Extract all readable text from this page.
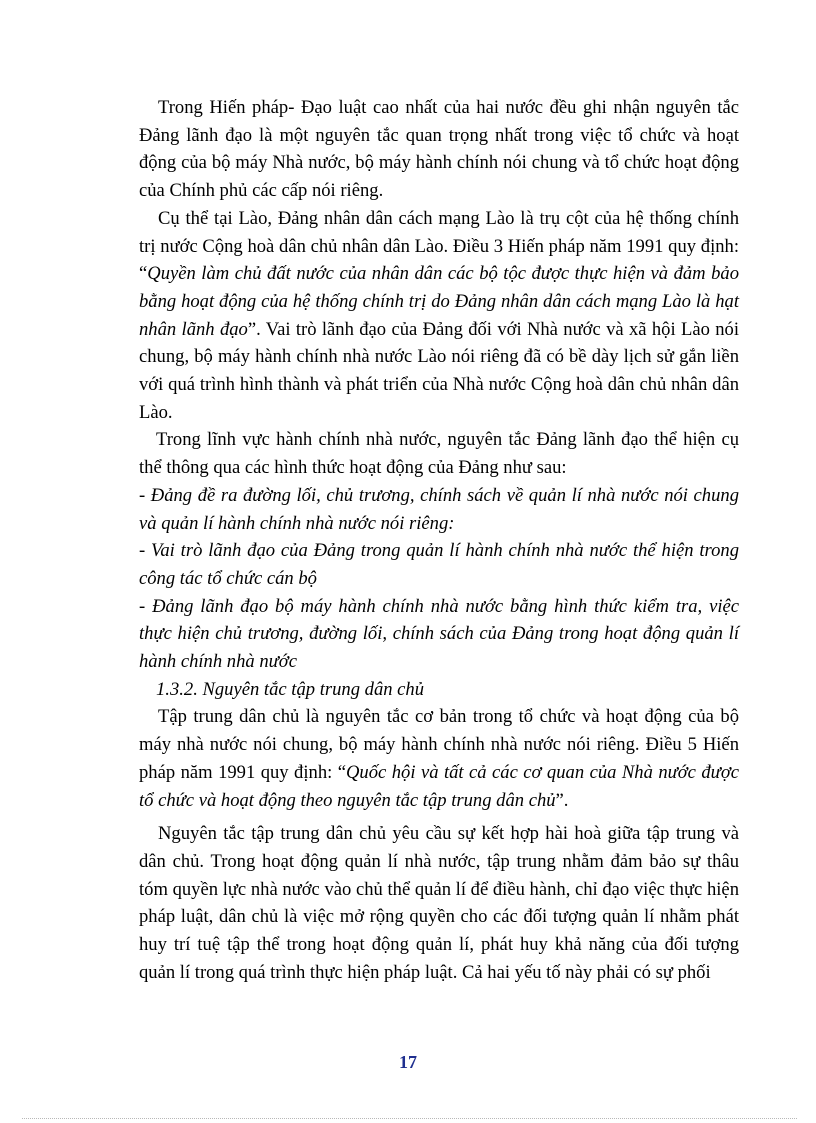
Trong Hiến pháp- Đạo luật cao nhất của hai nước đều ghi nhận nguyên tắc Đảng lãnh đạo là một nguyên tắc quan trọng nhất trong việc tổ chức và hoạt động của bộ máy Nhà nước, bộ máy hành chính nói chung và tổ chức hoạt động của Chính phủ các cấp nói riêng.

Cụ thể tại Lào, Đảng nhân dân cách mạng Lào là trụ cột của hệ thống chính trị nước Cộng hoà dân chủ nhân dân Lào. Điều 3 Hiến pháp năm 1991 quy định: “Quyền làm chủ đất nước của nhân dân các bộ tộc được thực hiện và đảm bảo bằng hoạt động của hệ thống chính trị do Đảng nhân dân cách mạng Lào là hạt nhân lãnh đạo”. Vai trò lãnh đạo của Đảng đối với Nhà nước và xã hội Lào nói chung, bộ máy hành chính nhà nước Lào nói riêng đã có bề dày lịch sử gắn liền với quá trình hình thành và phát triển của Nhà nước Cộng hoà dân chủ nhân dân Lào.

Trong lĩnh vực hành chính nhà nước, nguyên tắc Đảng lãnh đạo thể hiện cụ thể thông qua các hình thức hoạt động của Đảng như sau:

- Đảng đề ra đường lối, chủ trương, chính sách về quản lí nhà nước nói chung và quản lí hành chính nhà nước nói riêng:

- Vai trò lãnh đạo của Đảng trong quản lí hành chính nhà nước thể hiện trong công tác tổ chức cán bộ

- Đảng lãnh đạo bộ máy hành chính nhà nước bằng hình thức kiểm tra, việc thực hiện chủ trương, đường lối, chính sách của Đảng trong hoạt động quản lí hành chính nhà nước

1.3.2. Nguyên tắc tập trung dân chủ

Tập trung dân chủ là nguyên tắc cơ bản trong tổ chức và hoạt động của bộ máy nhà nước nói chung, bộ máy hành chính nhà nước nói riêng. Điều 5 Hiến pháp năm 1991 quy định: “Quốc hội và tất cả các cơ quan của Nhà nước được tổ chức và hoạt động theo nguyên tắc tập trung dân chủ”.

Nguyên tắc tập trung dân chủ yêu cầu sự kết hợp hài hoà giữa tập trung và dân chủ. Trong hoạt động quản lí nhà nước, tập trung nhằm đảm bảo sự thâu tóm quyền lực nhà nước vào chủ thể quản lí để điều hành, chỉ đạo việc thực hiện pháp luật, dân chủ là việc mở rộng quyền cho các đối tượng quản lí nhằm phát huy trí tuệ tập thể trong hoạt động quản lí, phát huy khả năng của đối tượng quản lí trong quá trình thực hiện pháp luật. Cả hai yếu tố này phải có sự phối

17
